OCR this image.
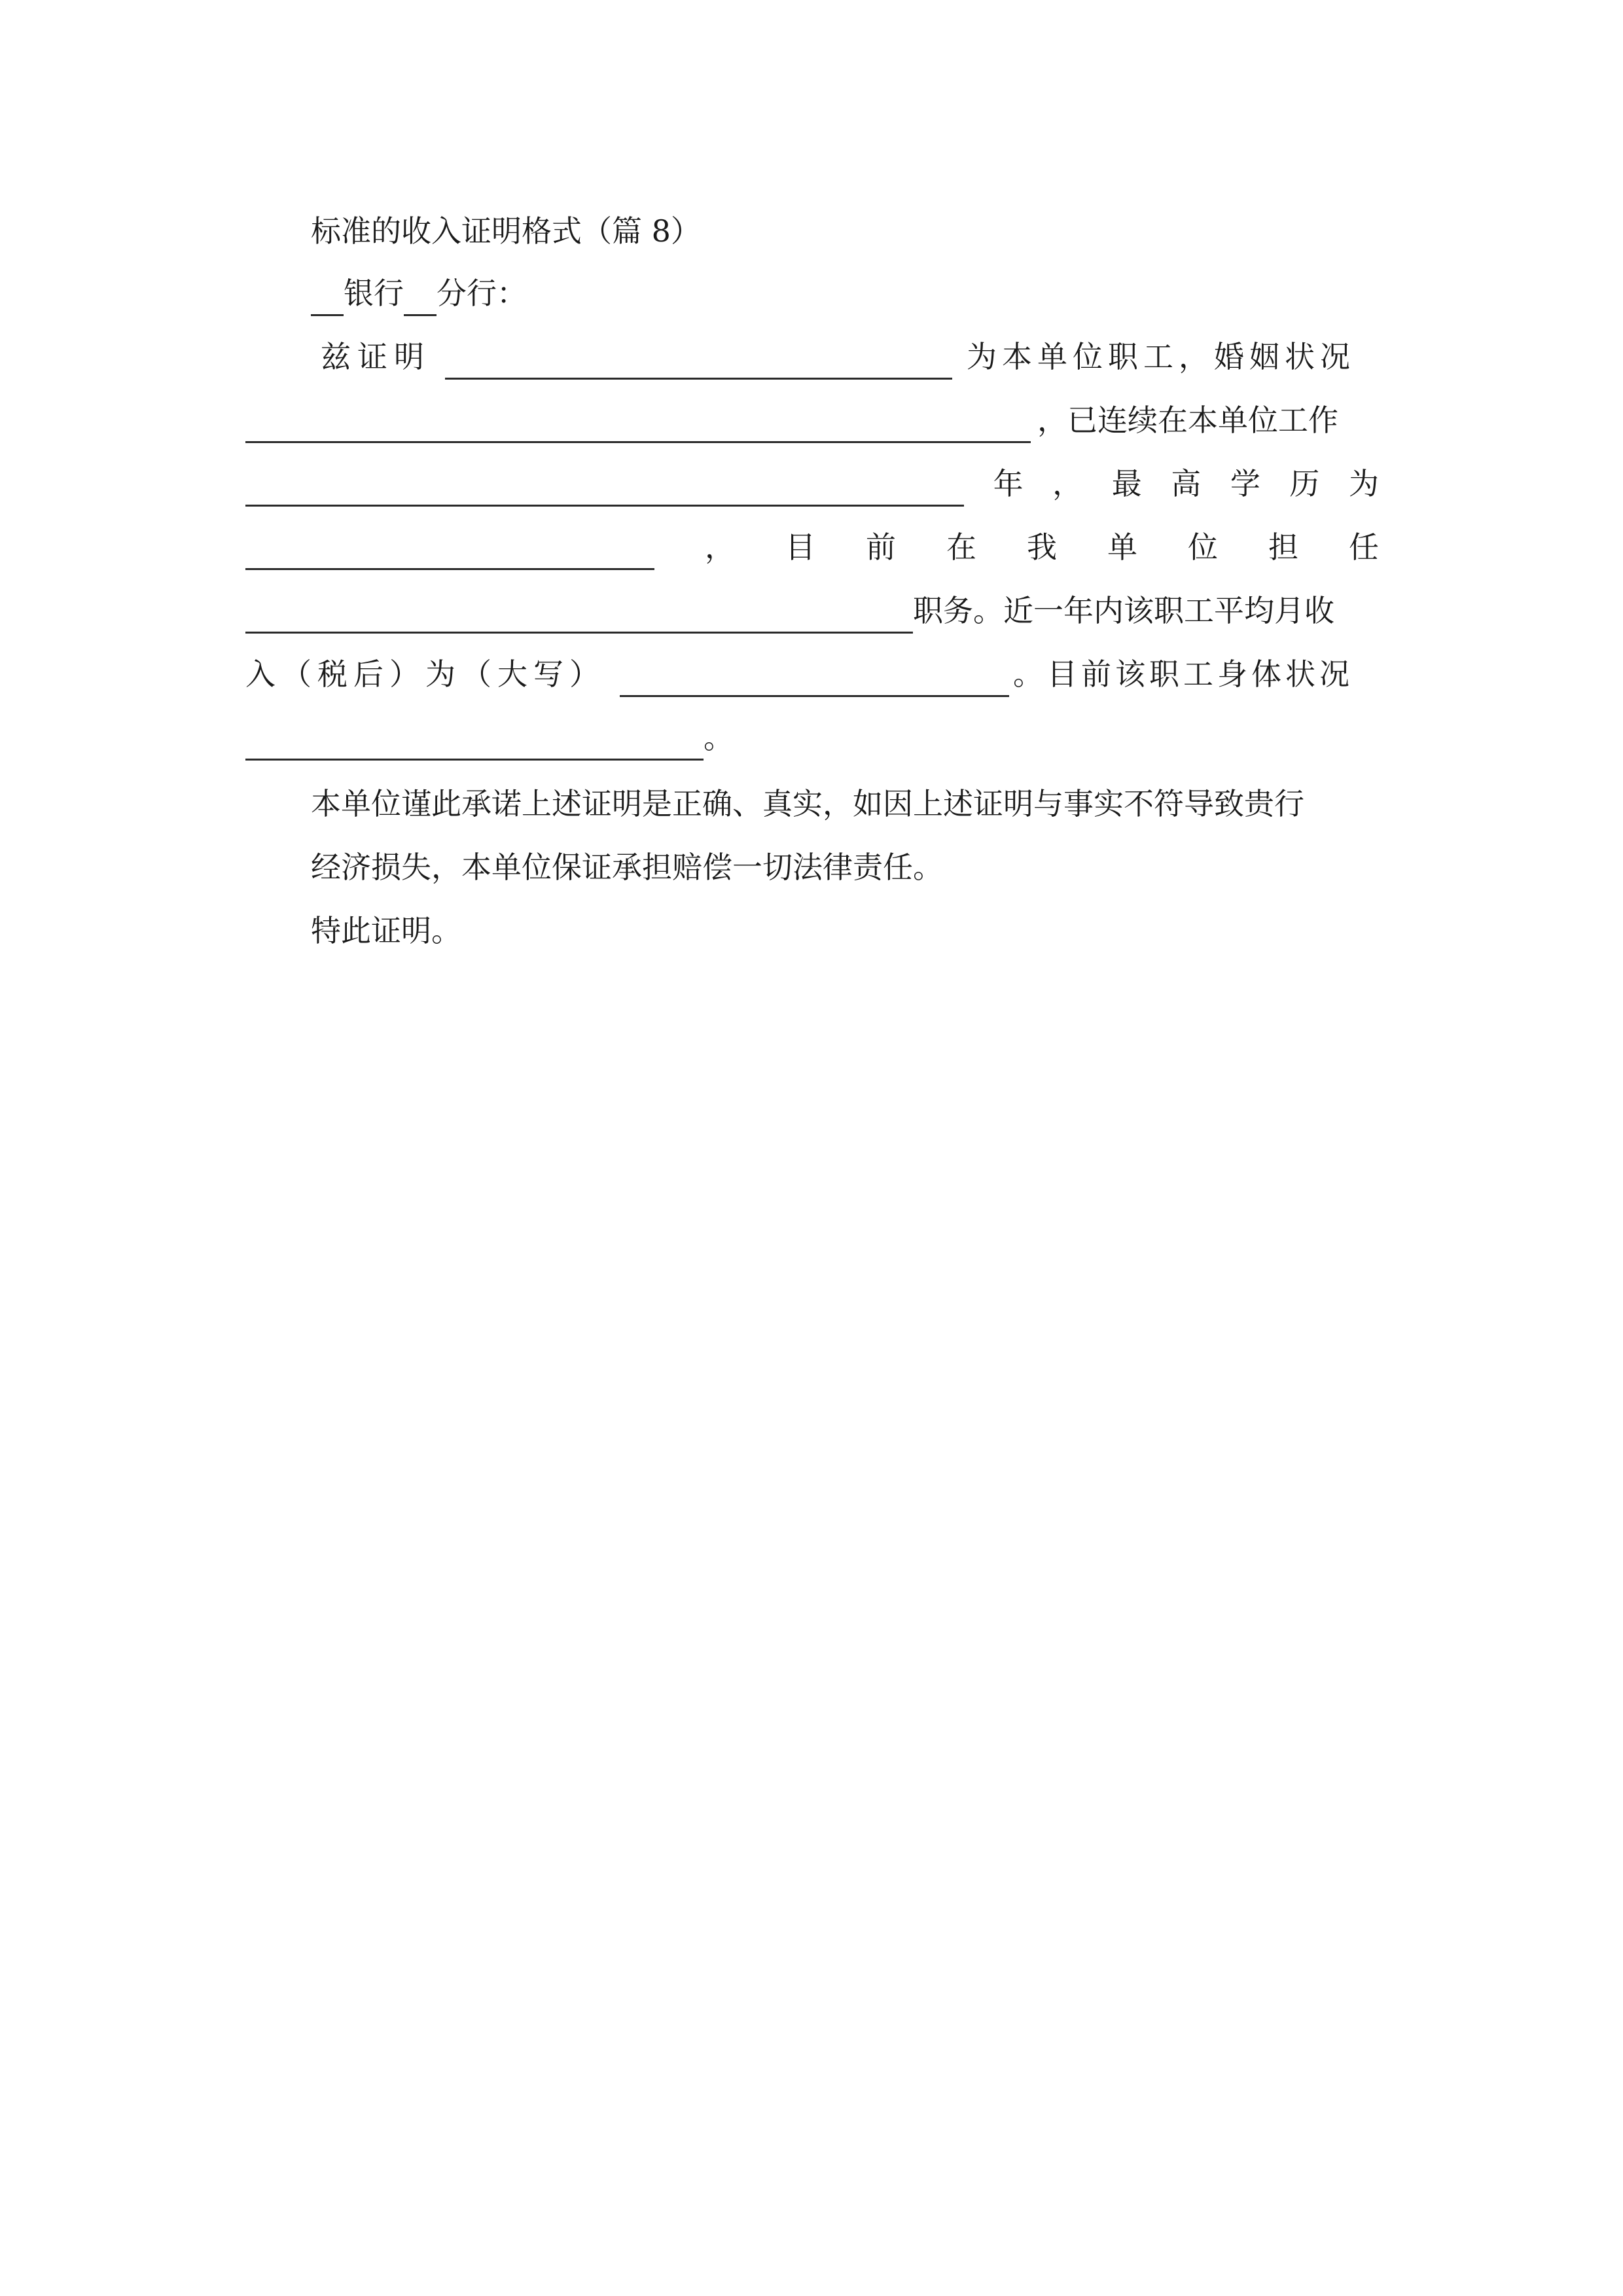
标准的收入证明格式（篇 8）
银行 分行：
兹证明	为本单位职工，婚姻状况
，已连续在本单位工作
年 ， 最 高 学 历 为
， 目 前 在 我 单 位 担 任
职务。近一年内该职工平均月收
入（税后）为（大写）	。目前该职工身体状况
。
本单位谨此承诺上述证明是正确、真实，如因上述证明与事实不符导致贵行
经济损失，本单位保证承担赔偿一切法律责任。
特此证明。
